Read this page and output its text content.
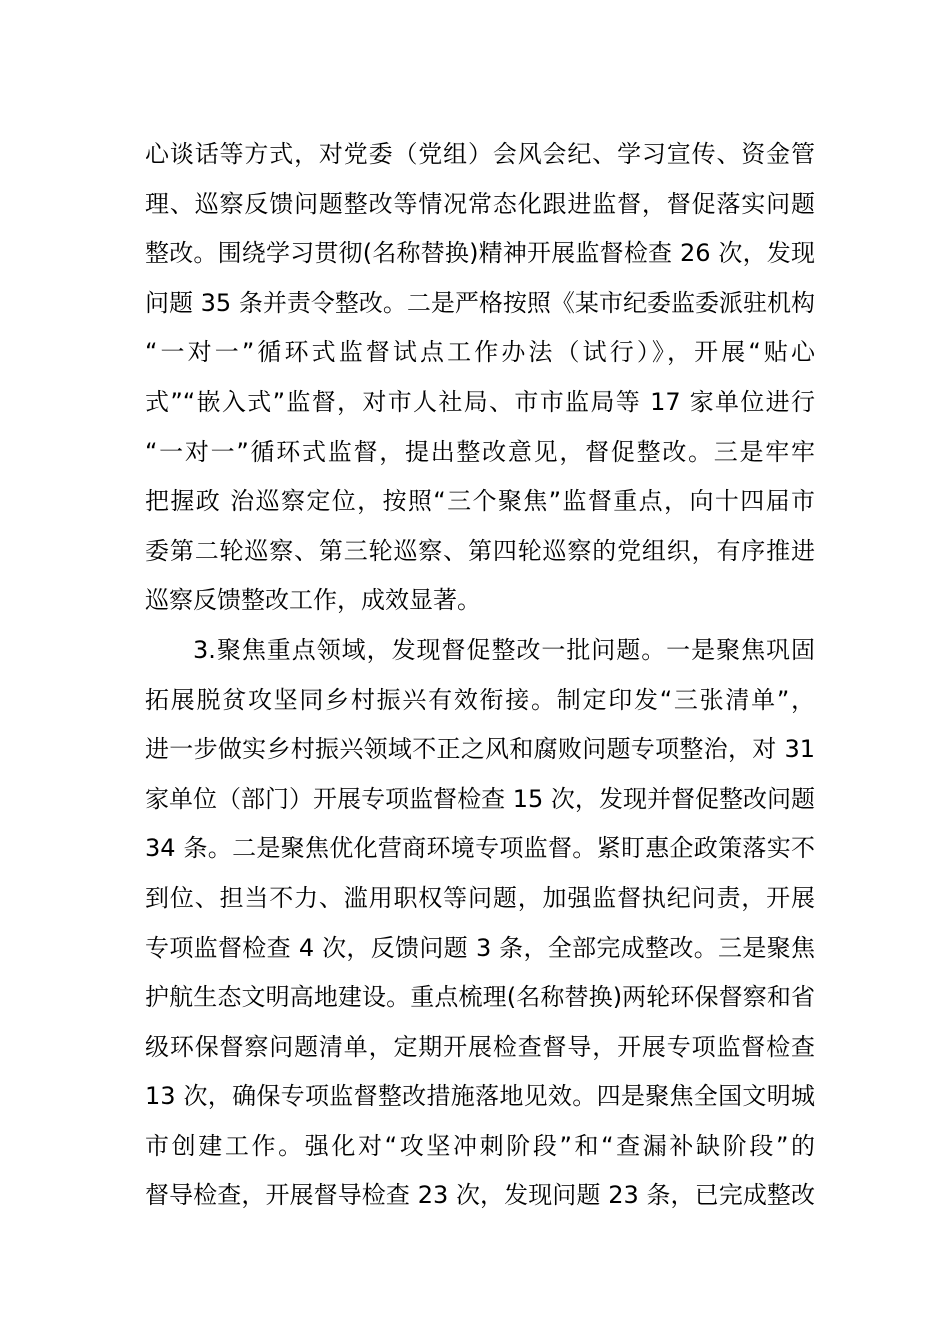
心谈话等方式，对党委（党组）会风会纪、学习宣传、资金管
理、巡察反馈问题整改等情况常态化跟进监督，督促落实问题
整改。围绕学习贯彻(名称替换)精神开展监督检查 26 次，发现
问题 35 条并责令整改。二是严格按照《某市纪委监委派驻机构
“一对一”循环式监督试点工作办法（试行）》，开展“贴心
式”“嵌入式”监督，对市人社局、市市监局等 17 家单位进行
“一对一”循环式监督，提出整改意见，督促整改。三是牢牢
把握政 治巡察定位，按照“三个聚焦”监督重点，向十四届市
委第二轮巡察、第三轮巡察、第四轮巡察的党组织，有序推进
巡察反馈整改工作，成效显著。
3.聚焦重点领域，发现督促整改一批问题。一是聚焦巩固
拓展脱贫攻坚同乡村振兴有效衔接。制定印发“三张清单”，
进一步做实乡村振兴领域不正之风和腐败问题专项整治，对 31
家单位（部门）开展专项监督检查 15 次，发现并督促整改问题
34 条。二是聚焦优化营商环境专项监督。紧盯惠企政策落实不
到位、担当不力、滥用职权等问题，加强监督执纪问责，开展
专项监督检查 4 次，反馈问题 3 条，全部完成整改。三是聚焦
护航生态文明高地建设。重点梳理(名称替换)两轮环保督察和省
级环保督察问题清单，定期开展检查督导，开展专项监督检查
13 次，确保专项监督整改措施落地见效。四是聚焦全国文明城
市创建工作。强化对“攻坚冲刺阶段”和“查漏补缺阶段”的
督导检查，开展督导检查 23 次，发现问题 23 条，已完成整改
